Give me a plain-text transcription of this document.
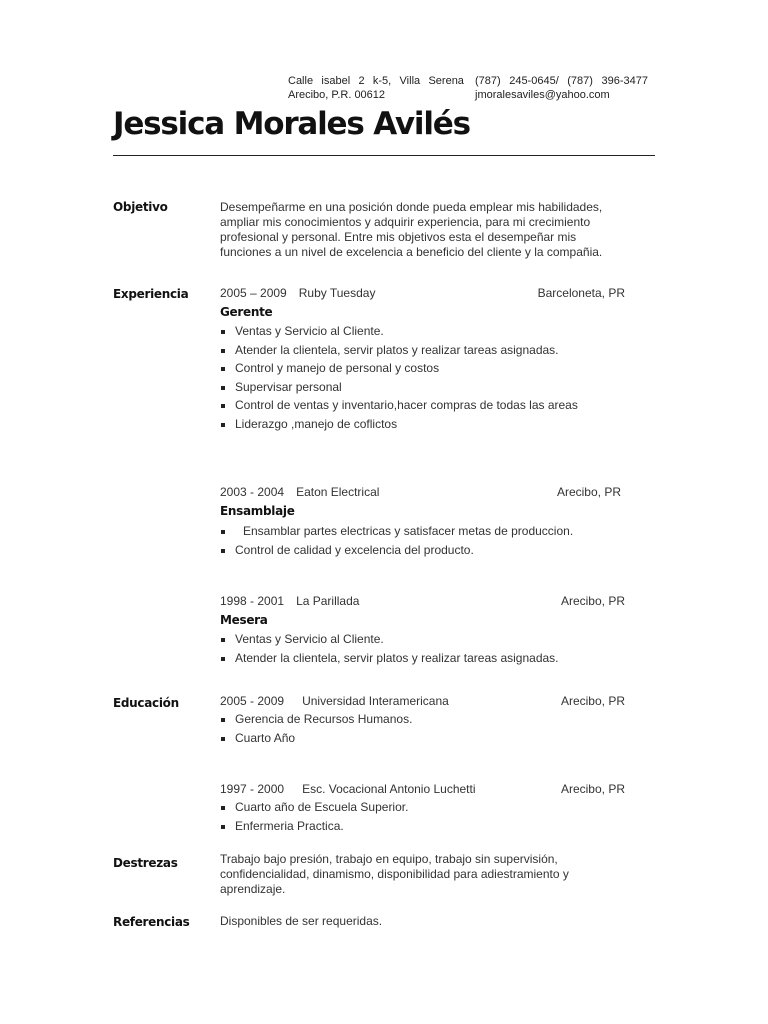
Calle isabel 2 k-5, Villa Serena
Arecibo, P.R. 00612
(787) 245-0645/ (787) 396-3477
jmoralesaviles@yahoo.com
Jessica Morales Avilés
Objetivo	Desempeñarme en una posición donde pueda emplear mis habilidades,
ampliar mis conocimientos y adquirir experiencia, para mi crecimiento
profesional y personal. Entre mis objetivos esta el desempeñar mis
funciones a un nivel de excelencia a beneficio del cliente y la compañia.
Experiencia	2005 – 2009 Ruby Tuesday	Barceloneta, PR
Gerente
Ventas y Servicio al Cliente.
Atender la clientela, servir platos y realizar tareas asignadas.
Control y manejo de personal y costos
Supervisar personal
Control de ventas y inventario,hacer compras de todas las areas
Liderazgo ,manejo de coflictos
2003 - 2004 Eaton Electrical	Arecibo, PR
Ensamblaje
Ensamblar partes electricas y satisfacer metas de produccion.
Control de calidad y excelencia del producto.
1998 - 2001 La Parillada	Arecibo, PR
Mesera
Ventas y Servicio al Cliente.
Atender la clientela, servir platos y realizar tareas asignadas.
Educación	2005 - 2009 Universidad Interamericana	Arecibo, PR
Gerencia de Recursos Humanos.
Cuarto Año
1997 - 2000 Esc. Vocacional Antonio Luchetti	Arecibo, PR
Cuarto año de Escuela Superior.
Enfermeria Practica.
Destrezas	Trabajo bajo presión, trabajo en equipo, trabajo sin supervisión,
confidencialidad, dinamismo, disponibilidad para adiestramiento y
aprendizaje.
Referencias	Disponibles de ser requeridas.
